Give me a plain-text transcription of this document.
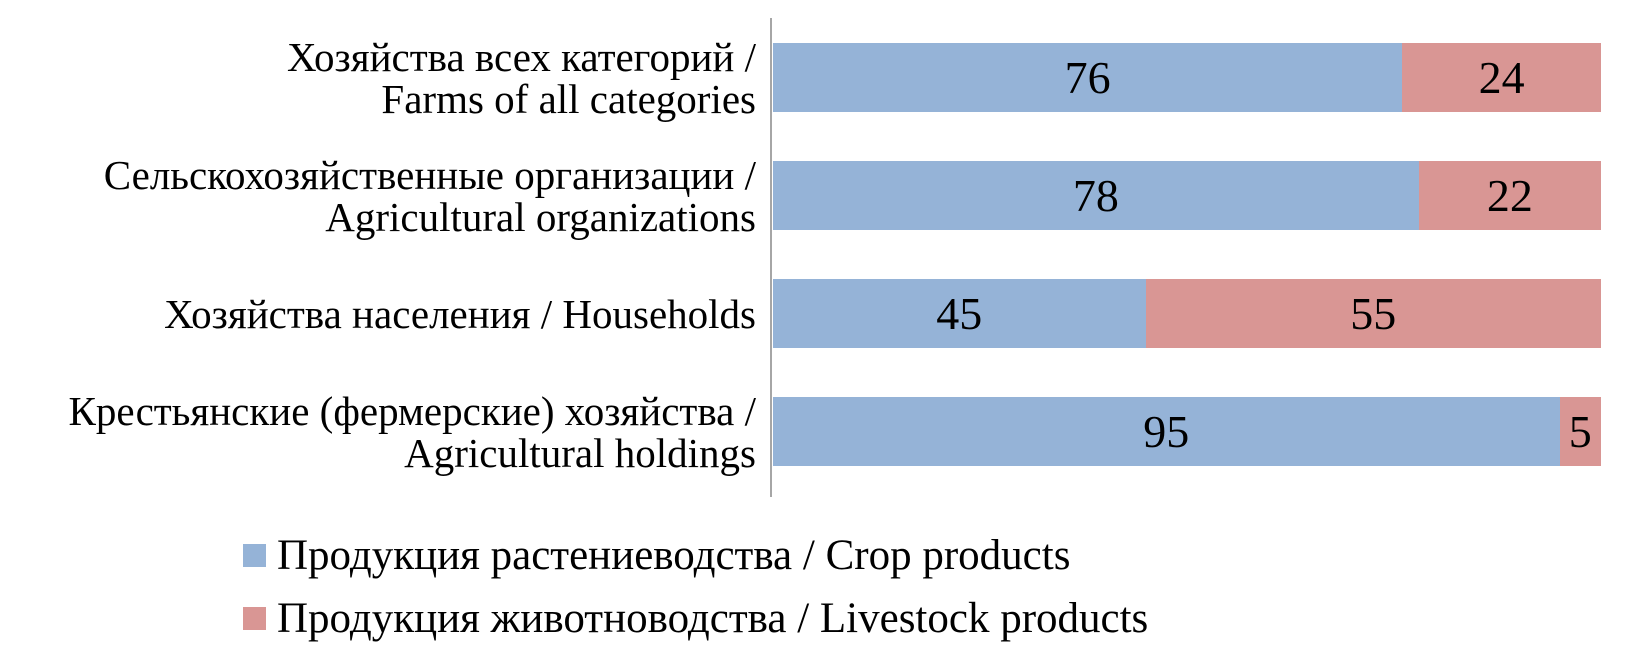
Хозяйства всех категорий /
Farms of all categories	76	24
Сельскохозяйственные организации /
Agricultural organizations	78	22
Хозяйства населения / Households	45	55
Крестьянские (фермерские) хозяйства /
Agricultural holdings	95	5
Продукция растениеводства / Crop products
Продукция животноводства / Livestock products
